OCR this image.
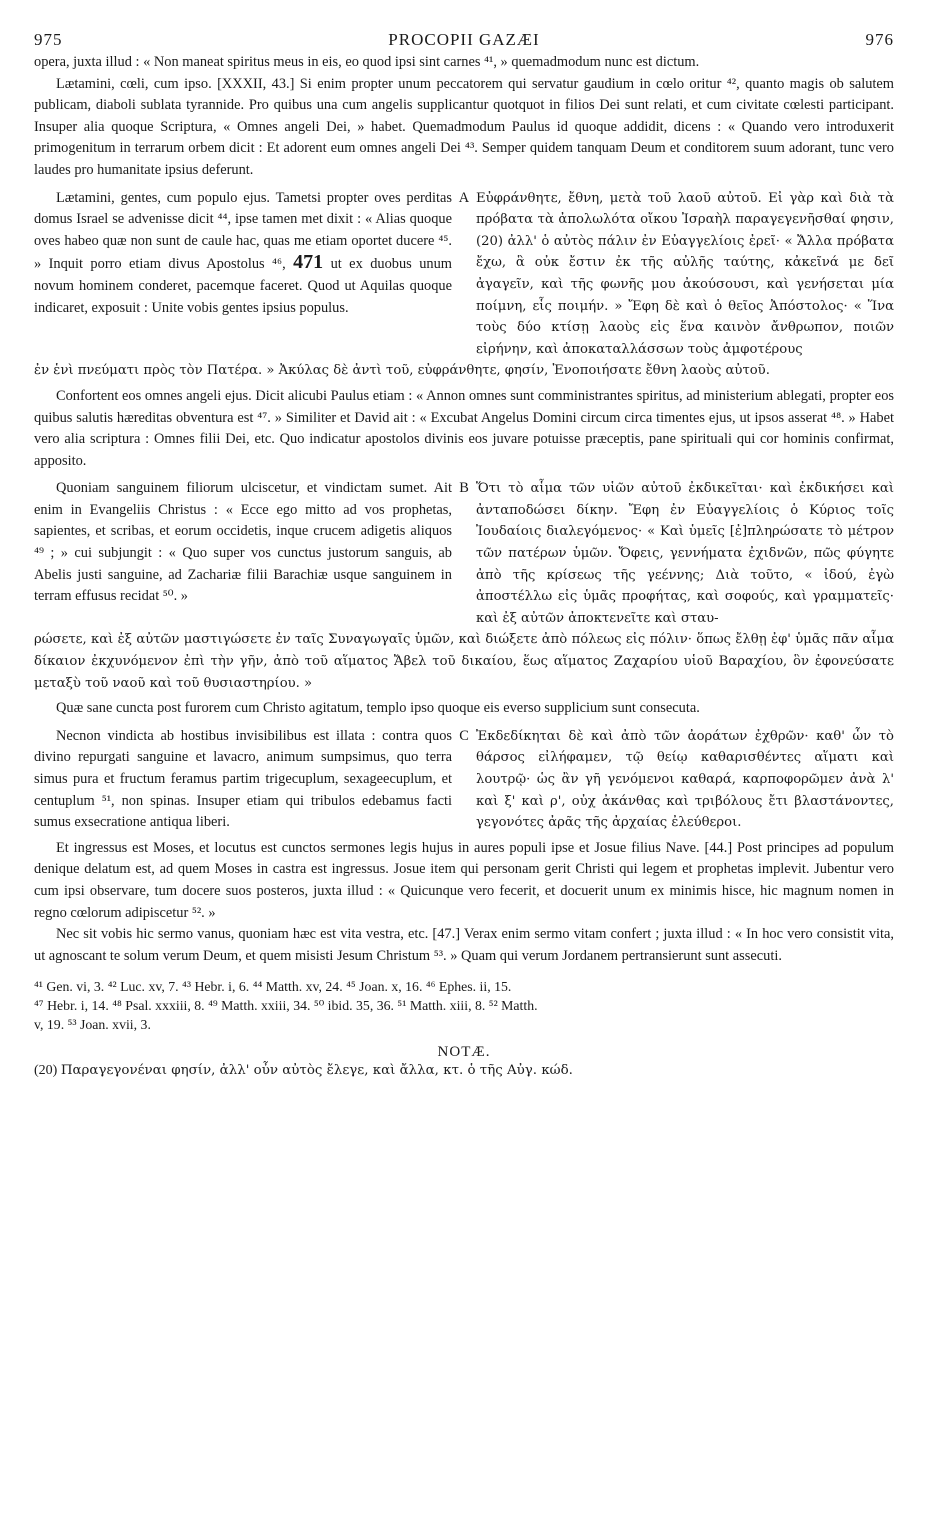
975	PROCOPII GAZÆI	976
opera, juxta illud : « Non maneat spiritus meus in eis, eo quod ipsi sint carnes ⁴¹, » quemadmodum nunc est dictum.
Lætamini, cœli, cum ipso. [XXXII, 43.] Si enim propter unum peccatorem qui servatur gaudium in cœlo oritur ⁴², quanto magis ob salutem publicam, diaboli sublata tyrannide. Pro quibus una cum angelis supplicantur quotquot in filios Dei sunt relati, et cum civitate cœlesti participant. Insuper alia quoque Scriptura, « Omnes angeli Dei, » habet. Quemadmodum Paulus id quoque addidit, dicens : « Quando vero introduxerit primogenitum in terrarum orbem dicit : Et adorent eum omnes angeli Dei ⁴³. Semper quidem tanquam Deum et conditorem suum adorant, tunc vero laudes pro humanitate ipsius deferunt.
Lætamini, gentes, cum populo ejus. Tametsi propter oves perditas domus Israel se advenisse dicit ⁴⁴, ipse tamen met dixit : « Alias quoque oves habeo quæ non sunt de caule hac, quas me etiam oportet ducere ⁴⁵. » Inquit porro etiam divus Apostolus ⁴⁶, 471 ut ex duobus unum novum hominem conderet, pacemque faceret. Quod ut Aquilas quoque indicaret, exposuit : Unite vobis gentes ipsius populus.
A Εὐφράνθητε, ἔθνη, μετὰ τοῦ λαοῦ αὐτοῦ. Εἰ γὰρ καὶ διὰ τὰ πρόβατα τὰ ἀπολωλότα οἴκου Ἰσραὴλ παραγεγενῆσθαί φησιν, (20) ἀλλ' ὁ αὐτὸς πάλιν ἐν Εὐαγγελίοις ἐρεῖ· « Ἄλλα πρόβατα ἔχω, ἃ οὐκ ἔστιν ἐκ τῆς αὐλῆς ταύτης, κἀκεῖνά με δεῖ ἀγαγεῖν, καὶ τῆς φωνῆς μου ἀκούσουσι, καὶ γενήσεται μία ποίμνη, εἷς ποιμήν. » Ἔφη δὲ καὶ ὁ θεῖος Ἀπόστολος· « Ἵνα τοὺς δύο κτίσῃ λαοὺς εἰς ἕνα καινὸν ἄνθρωπον, ποιῶν εἰρήνην, καὶ ἀποκαταλλάσσων τοὺς ἀμφοτέρους
ἐν ἑνὶ πνεύματι πρὸς τὸν Πατέρα. » Ἀκύλας δὲ ἀντὶ τοῦ, εὐφράνθητε, φησίν, Ἐνοποιήσατε ἔθνη λαοὺς αὐτοῦ.
Confortent eos omnes angeli ejus. Dicit alicubi Paulus etiam : « Annon omnes sunt comministrantes spiritus, ad ministerium ablegati, propter eos quibus salutis hæreditas obventura est ⁴⁷. » Similiter et David ait : « Excubat Angelus Domini circum circa timentes ejus, ut ipsos asserat ⁴⁸. » Habet vero alia scriptura : Omnes filii Dei, etc. Quo indicatur apostolos divinis eos juvare potuisse præceptis, pane spirituali qui cor hominis confirmat, apposito.
Quoniam sanguinem filiorum ulciscetur, et vindictam sumet. Ait enim in Evangeliis Christus : « Ecce ego mitto ad vos prophetas, sapientes, et scribas, et eorum occidetis, inque crucem adigetis aliquos ⁴⁹ ; » cui subjungit : « Quo super vos cunctus justorum sanguis, ab Abelis justi sanguine, ad Zachariæ filii Barachiæ usque sanguinem in terram effusus recidat ⁵⁰. »
B Ὅτι τὸ αἷμα τῶν υἱῶν αὐτοῦ ἐκδικεῖται· καὶ ἐκδικήσει καὶ ἀνταποδώσει δίκην. Ἔφη ἐν Εὐαγγελίοις ὁ Κύριος τοῖς Ἰουδαίοις διαλεγόμενος· « Καὶ ὑμεῖς [ἐ]πληρώσατε τὸ μέτρον τῶν πατέρων ὑμῶν. Ὄφεις, γεννήματα ἐχιδνῶν, πῶς φύγητε ἀπὸ τῆς κρίσεως τῆς γεέννης; Διὰ τοῦτο, « ἰδού, ἐγὼ ἀποστέλλω εἰς ὑμᾶς προφήτας, καὶ σοφούς, καὶ γραμματεῖς· καὶ ἐξ αὐτῶν ἀποκτενεῖτε καὶ σταυ-
ρώσετε, καὶ ἐξ αὐτῶν μαστιγώσετε ἐν ταῖς Συναγωγαῖς ὑμῶν, καὶ διώξετε ἀπὸ πόλεως εἰς πόλιν· ὅπως ἔλθῃ ἐφ' ὑμᾶς πᾶν αἷμα δίκαιον ἐκχυνόμενον ἐπὶ τὴν γῆν, ἀπὸ τοῦ αἵματος Ἄβελ τοῦ δικαίου, ἕως αἵματος Ζαχαρίου υἱοῦ Βαραχίου, ὃν ἐφονεύσατε μεταξὺ τοῦ ναοῦ καὶ τοῦ θυσιαστηρίου. »
Quæ sane cuncta post furorem cum Christo agitatum, templo ipso quoque eis everso supplicium sunt consecuta.
Necnon vindicta ab hostibus invisibilibus est illata : contra quos divino repurgati sanguine et lavacro, animum sumpsimus, quo terra simus pura et fructum feramus partim trigecuplum, sexageecuplum, et centuplum ⁵¹, non spinas. Insuper etiam qui tribulos edebamus facti sumus exsecratione antiqua liberi.
C Ἐκδεδίκηται δὲ καὶ ἀπὸ τῶν ἀοράτων ἐχθρῶν· καθ' ὧν τὸ θάρσος εἰλήφαμεν, τῷ θείῳ καθαρισθέντες αἵματι καὶ λουτρῷ· ὡς ἂν γῆ γενόμενοι καθαρά, καρποφορῶμεν ἀνὰ λ' καὶ ξ' καὶ ρ', οὐχ ἀκάνθας καὶ τριβόλους ἔτι βλαστάνοντες, γεγονότες ἀρᾶς τῆς ἀρχαίας ἐλεύθεροι.
Et ingressus est Moses, et locutus est cunctos sermones legis hujus in aures populi ipse et Josue filius Nave. [44.] Post principes ad populum denique delatum est, ad quem Moses in castra est ingressus. Josue item qui personam gerit Christi qui legem et prophetas implevit. Jubentur vero cum ipsi observare, tum docere suos posteros, juxta illud : « Quicunque vero fecerit, et docuerit unum ex minimis hisce, hic magnum nomen in regno cœlorum adipiscetur ⁵². »
Nec sit vobis hic sermo vanus, quoniam hæc est vita vestra, etc. [47.] Verax enim sermo vitam confert ; juxta illud : « In hoc vero consistit vita, ut agnoscant te solum verum Deum, et quem misisti Jesum Christum ⁵³. » Quam qui verum Jordanem pertransierunt sunt assecuti.
⁴¹ Gen. vi, 3. ⁴² Luc. xv, 7. ⁴³ Hebr. i, 6. ⁴⁴ Matth. xv, 24. ⁴⁵ Joan. x, 16. ⁴⁶ Ephes. ii, 15.
⁴⁷ Hebr. i, 14. ⁴⁸ Psal. xxxiii, 8. ⁴⁹ Matth. xxiii, 34. ⁵⁰ ibid. 35, 36. ⁵¹ Matth. xiii, 8. ⁵² Matth.
v, 19. ⁵³ Joan. xvii, 3.
NOTÆ.
(20) Παραγεγονέναι φησίν, ἀλλ' οὖν αὐτὸς ἔλεγε, καὶ ἄλλα, κτ. ὁ τῆς Αὐγ. κώδ.
